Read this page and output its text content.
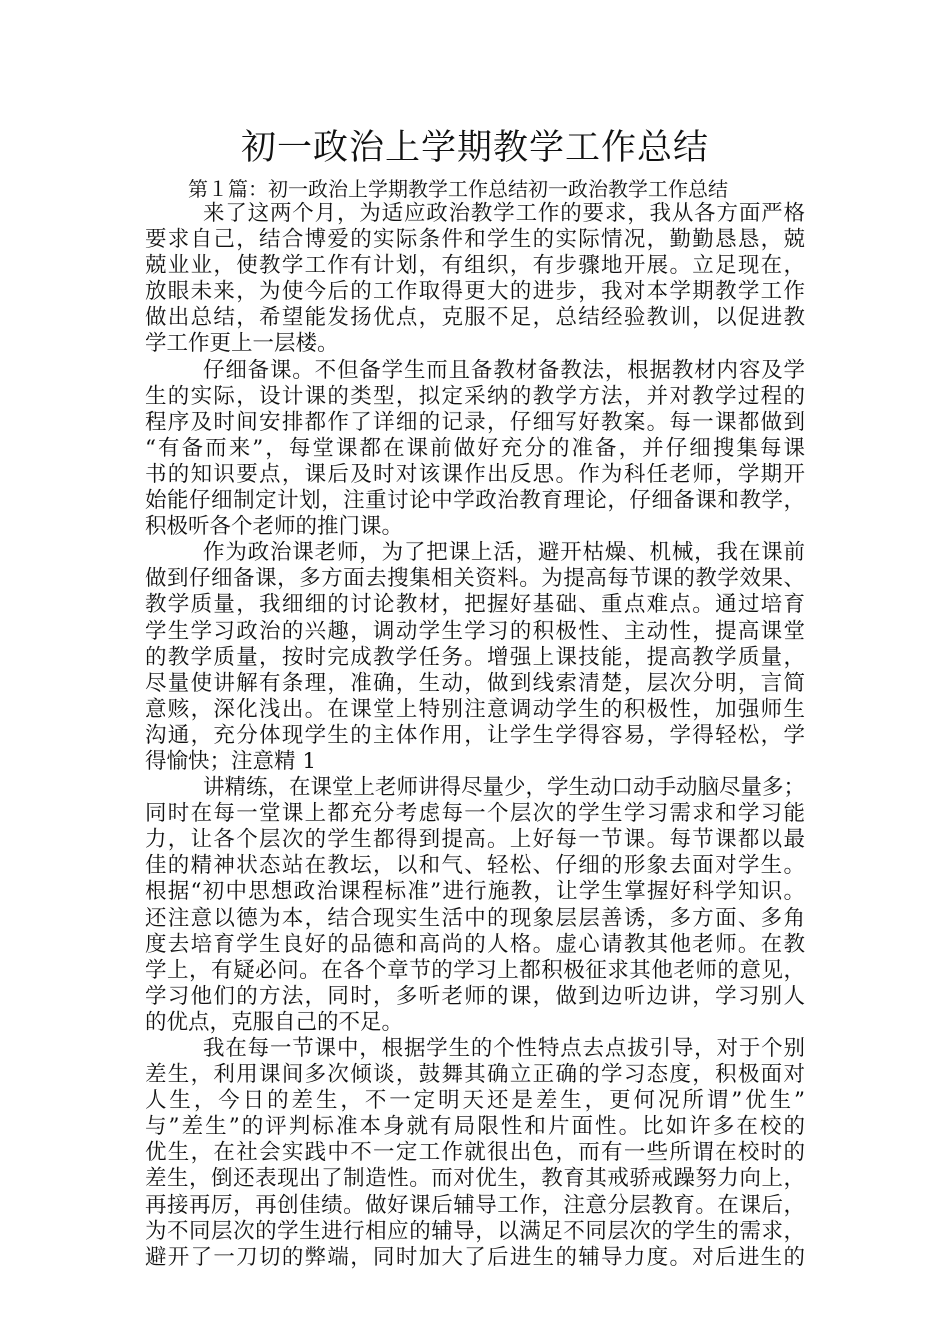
初一政治上学期教学工作总结
第１篇：初一政治上学期教学工作总结初一政治教学工作总结
来了这两个月，为适应政治教学工作的要求，我从各方面严格
要求自己，结合博爱的实际条件和学生的实际情况，勤勤恳恳，兢
兢业业，使教学工作有计划，有组织，有步骤地开展。立足现在，
放眼未来，为使今后的工作取得更大的进步，我对本学期教学工作
做出总结，希望能发扬优点，克服不足，总结经验教训，以促进教
学工作更上一层楼。
仔细备课。不但备学生而且备教材备教法，根据教材内容及学
生的实际，设计课的类型，拟定采纳的教学方法，并对教学过程的
程序及时间安排都作了详细的记录，仔细写好教案。每一课都做到
“有备而来”，每堂课都在课前做好充分的准备，并仔细搜集每课
书的知识要点，课后及时对该课作出反思。作为科任老师，学期开
始能仔细制定计划，注重讨论中学政治教育理论，仔细备课和教学，
积极听各个老师的推门课。
作为政治课老师，为了把课上活，避开枯燥、机械，我在课前
做到仔细备课，多方面去搜集相关资料。为提高每节课的教学效果、
教学质量，我细细的讨论教材，把握好基础、重点难点。通过培育
学生学习政治的兴趣，调动学生学习的积极性、主动性，提高课堂
的教学质量，按时完成教学任务。增强上课技能，提高教学质量，
尽量使讲解有条理，准确，生动，做到线索清楚，层次分明，言简
意赅，深化浅出。在课堂上特别注意调动学生的积极性，加强师生
沟通，充分体现学生的主体作用，让学生学得容易，学得轻松，学
得愉快；注意精 1
讲精练，在课堂上老师讲得尽量少，学生动口动手动脑尽量多；
同时在每一堂课上都充分考虑每一个层次的学生学习需求和学习能
力，让各个层次的学生都得到提高。上好每一节课。每节课都以最
佳的精神状态站在教坛，以和气、轻松、仔细的形象去面对学生。
根据“初中思想政治课程标准”进行施教，让学生掌握好科学知识。
还注意以德为本，结合现实生活中的现象层层善诱，多方面、多角
度去培育学生良好的品德和高尚的人格。虚心请教其他老师。在教
学上，有疑必问。在各个章节的学习上都积极征求其他老师的意见，
学习他们的方法，同时，多听老师的课，做到边听边讲，学习别人
的优点，克服自己的不足。
我在每一节课中，根据学生的个性特点去点拔引导，对于个别
差生，利用课间多次倾谈，鼓舞其确立正确的学习态度，积极面对
人生，今日的差生，不一定明天还是差生，更何况所谓”优生”
与”差生”的评判标准本身就有局限性和片面性。比如许多在校的
优生，在社会实践中不一定工作就很出色，而有一些所谓在校时的
差生，倒还表现出了制造性。而对优生，教育其戒骄戒躁努力向上，
再接再厉，再创佳绩。做好课后辅导工作，注意分层教育。在课后，
为不同层次的学生进行相应的辅导，以满足不同层次的学生的需求，
避开了一刀切的弊端，同时加大了后进生的辅导力度。对后进生的
